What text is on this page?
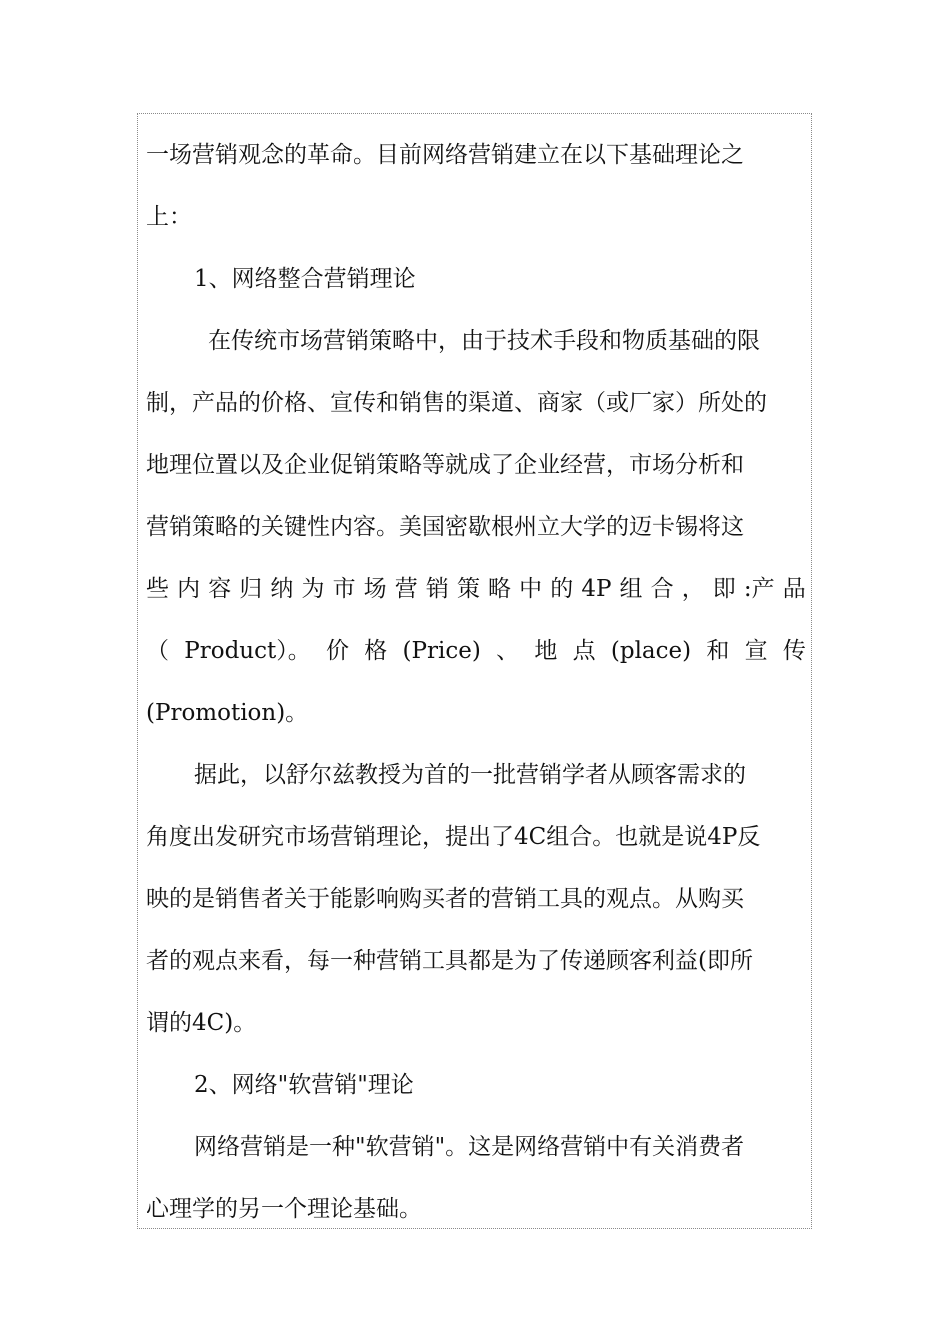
一场营销观念的革命。目前网络营销建立在以下基础理论之
上：
1、网络整合营销理论
在传统市场营销策略中，由于技术手段和物质基础的限
制，产品的价格、宣传和销售的渠道、商家（或厂家）所处的
地理位置以及企业促销策略等就成了企业经营，市场分析和
营销策略的关键性内容。美国密歇根州立大学的迈卡锡将这
些 内 容 归 纳 为 市 场 营 销 策 略 中 的 4P 组 合 ， 即 :产 品
（ Product）。 价 格 (Price) 、 地 点 (place) 和 宣 传
(Promotion)。
据此，以舒尔兹教授为首的一批营销学者从顾客需求的
角度出发研究市场营销理论，提出了4C组合。也就是说4P反
映的是销售者关于能影响购买者的营销工具的观点。从购买
者的观点来看，每一种营销工具都是为了传递顾客利益(即所
谓的4C)。
2、网络"软营销"理论
网络营销是一种"软营销"。这是网络营销中有关消费者
心理学的另一个理论基础。
